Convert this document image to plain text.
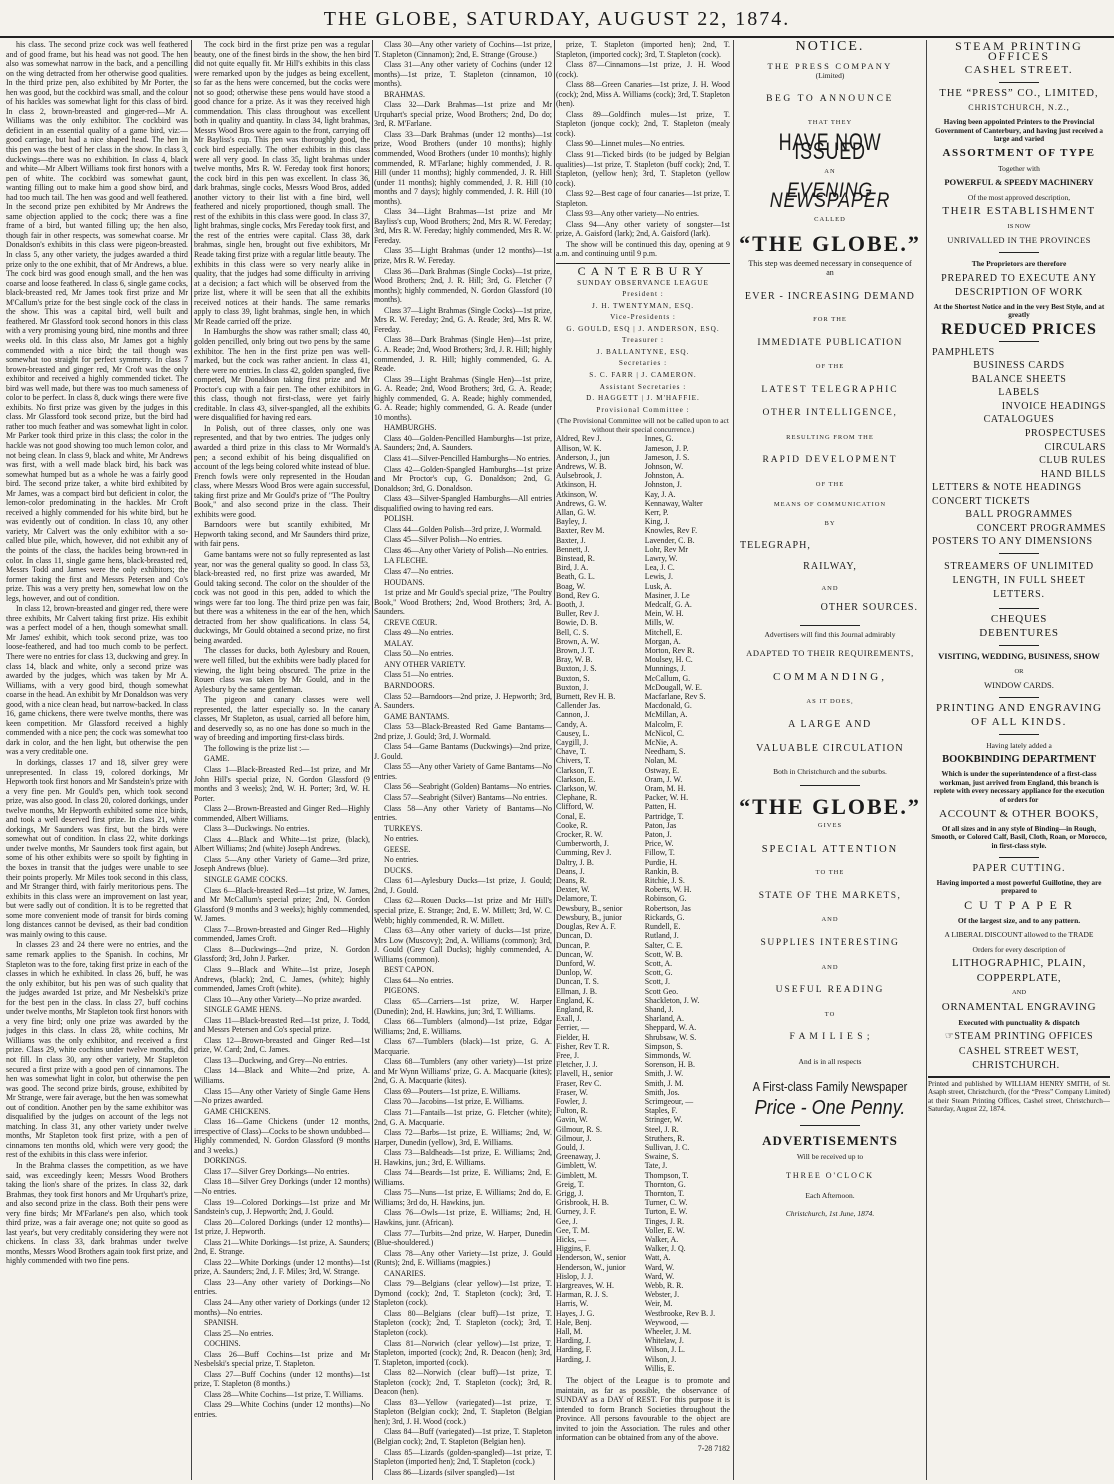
THE GLOBE, SATURDAY, AUGUST 22, 1874.

his class. The second prize cock was well feathered and of good frame, but his head was not good. The hen also was somewhat narrow in the back, and a pencilling on the wing detracted from her otherwise good qualities. In the third prize pen, also exhibited by Mr Porter, the hen was good, but the cockbird was small, and the colour of his hackles was somewhat light for this class of bird. In class 2, brown-breasted and ginger-red—Mr A. Williams was the only exhibitor. The cockbird was deficient in an essential quality of a game bird, viz:—good carriage, but had a nice shaped head. The hen in this pen was the best of her class in the show. In class 3, duckwings—there was no exhibition. In class 4, black and white—Mr Albert Williams took first honors with a pen of white. The cockbird was somewhat gaunt, wanting filling out to make him a good show bird, and had too much tail. The hen was good and well feathered. In the second prize pen exhibited by Mr Andrews the same objection applied to the cock; there was a fine frame of a bird, but wanted filling up; the hen also, though fair in other respects, was somewhat coarse. Mr Donaldson's exhibits in this class were pigeon-breasted. In class 5, any other variety, the judges awarded a third prize only to the one exhibit, that of Mr Andrews, a blue. The cock bird was good enough small, and the hen was coarse and loose feathered. In class 6, single game cocks, black-breasted red, Mr James took first prize and Mr M'Callum's prize for the best single cock of the class in the show. This was a capital bird, well built and feathered. Mr Glassford took second honors in this class with a very promising young bird, nine months and three weeks old. In this class also, Mr James got a highly commended with a nice bird; the tail though was somewhat too straight for perfect symmetry. In class 7 brown-breasted and ginger red, Mr Croft was the only exhibitor and received a highly commended ticket. The bird was well made, but there was too much sameness of color to be perfect. In class 8, duck wings there were five exhibits. No first prize was given by the judges in this class. Mr Glassford took second prize, but the bird had rather too much feather and was somewhat light in color. Mr Parker took third prize in this class; the color in the hackle was not good showing too much lemon color, and not being clean. In class 9, black and white, Mr Andrews was first, with a well made black bird, his back was somewhat humped but as a whole he was a fairly good bird. The second prize taker, a white bird exhibited by Mr James, was a compact bird but deficient in color, the lemon-color predominating in the hackles. Mr Croft received a highly commended for his white bird, but he was evidently out of condition. In class 10, any other variety, Mr Calvert was the only exhibitor with a so-called blue pile, which, however, did not exhibit any of the points of the class, the hackles being brown-red in color. In class 11, single game hens, black-breasted red, Messrs Todd and James were the only exhibitors; the former taking the first and Messrs Petersen and Co's prize. This was a very pretty hen, somewhat low on the legs, however, and out of condition.

In class 12, brown-breasted and ginger red, there were three exhibits, Mr Calvert taking first prize. His exhibit was a perfect model of a hen, though somewhat small. Mr James' exhibit, which took second prize, was too loose-feathered, and had too much comb to be perfect. There were no entries for class 13, duckwing and grey. In class 14, black and white, only a second prize was awarded by the judges, which was taken by Mr A. Williams, with a very good bird, though somewhat coarse in the head. An exhibit by Mr Donaldson was very good, with a nice clean head, but narrow-backed. In class 16, game chickens, there were twelve months, there was keen competition. Mr Glassford received a highly commended with a nice pen; the cock was somewhat too dark in color, and the hen light, but otherwise the pen was a very creditable one.

In dorkings, classes 17 and 18, silver grey were unrepresented. In class 19, colored dorkings, Mr Hepworth took first honors and Mr Sandstein's prize with a very fine pen. Mr Gould's pen, which took second prize, was also good. In class 20, colored dorkings, under twelve months, Mr Hepworth exhibited some nice birds, and took a well deserved first prize. In class 21, white dorkings, Mr Saunders was first, but the birds were somewhat out of condition. In class 22, white dorkings under twelve months, Mr Saunders took first again, but some of his other exhibits were so spoilt by fighting in the boxes in transit that the judges were unable to see their points properly. Mr Miles took second in this class, and Mr Stranger third, with fairly meritorious pens. The exhibits in this class were an improvement on last year, but were sadly out of condition. It is to be regretted that some more convenient mode of transit for birds coming long distances cannot be devised, as their bad condition was mainly owing to this cause.

In classes 23 and 24 there were no entries, and the same remark applies to the Spanish. In cochins, Mr Stapleton was to the fore, taking first prize in each of the classes in which he exhibited. In class 26, buff, he was the only exhibitor, but his pen was of such quality that the judges awarded 1st prize, and Mr Nesbelski's prize for the best pen in the class. In class 27, buff cochins under twelve months, Mr Stapleton took first honors with a very fine bird; only one prize was awarded by the judges in this class. In class 28, white cochins, Mr Williams was the only exhibitor, and received a first prize. Class 29, white cochins under twelve months, did not fill. In class 30, any other variety, Mr Stapleton secured a first prize with a good pen of cinnamons. The hen was somewhat light in color, but otherwise the pen was good. The second prize birds, grouse, exhibited by Mr Strange, were fair average, but the hen was somewhat out of condition. Another pen by the same exhibitor was disqualified by the judges on account of the legs not matching. In class 31, any other variety under twelve months, Mr Stapleton took first prize, with a pen of cinnamons ten months old, which were very good; the rest of the exhibits in this class were inferior.

In the Brahma classes the competition, as we have said, was exceedingly keen; Messrs Wood Brothers taking the lion's share of the prizes. In class 32, dark Brahmas, they took first honors and Mr Urquhart's prize, and also second prize in the class. Both their pens were very fine birds; Mr M'Farlane's pen also, which took third prize, was a fair average one; not quite so good as last year's, but very creditably considering they were not chickens. In class 33, dark brahmas under twelve months, Messrs Wood Brothers again took first prize, and highly commended with two fine pens.

The cock bird in the first prize pen was a regular beauty, one of the finest birds in the show, the hen bird did not quite equally fit. Mr Hill's exhibits in this class were remarked upon by the judges as being excellent, so far as the hens were concerned, but the cocks were not so good; otherwise these pens would have stood a good chance for a prize. As it was they received high commendation. This class throughout was excellent both in quality and quantity. In class 34, light brahmas, Messrs Wood Bros were again to the front, carrying off Mr Bayliss's cup. This pen was thoroughly good, the cock bird especially. The other exhibits in this class were all very good. In class 35, light brahmas under twelve months, Mrs R. W. Fereday took first honors; the cock bird in this pen was excellent. In class 36, dark brahmas, single cocks, Messrs Wood Bros, added another victory to their list with a fine bird, well feathered and nicely proportioned, though small. The rest of the exhibits in this class were good. In class 37, light brahmas, single cocks, Mrs Fereday took first, and the rest of the entries were capital. Class 38, dark brahmas, single hen, brought out five exhibitors, Mr Reade taking first prize with a regular little beauty. The exhibits in this class were so very nearly alike in quality, that the judges had some difficulty in arriving at a decision; a fact which will be observed from the prize list, where it will be seen that all the exhibits received notices at their hands. The same remarks apply to class 39, light brahmas, single hen, in which Mr Reade carried off the prize.

In Hamburghs the show was rather small; class 40, golden pencilled, only bring out two pens by the same exhibitor. The hen in the first prize pen was well-marked, but the cock was rather ancient. In class 41, there were no entries. In class 42, golden spangled, five competed, Mr Donaldson taking first prize and Mr Proctor's cup with a fair pen. The other exhibitors in this class, though not first-class, were yet fairly creditable. In class 43, silver-spangled, all the exhibits were disqualified for having red ears.

In Polish, out of three classes, only one was represented, and that by two entries. The judges only awarded a third prize in this class to Mr Wormald's pen; a second exhibit of his being disqualified on account of the legs being colored white instead of blue. French fowls were only represented in the Houdan class, where Messrs Wood Bros were again successful, taking first prize and Mr Gould's prize of "The Poultry Book," and also second prize in the class. Their exhibits were good.

Barndoors were but scantily exhibited, Mr Hepworth taking second, and Mr Saunders third prize, with fair pens.

Game bantams were not so fully represented as last year, nor was the general quality so good. In class 53, black-breasted red, no first prize was awarded, Mr Gould taking second. The color on the shoulder of the cock was not good in this pen, added to which the wings were far too long. The third prize pen was fair, but there was a whiteness in the ear of the hen, which detracted from her show qualifications. In class 54, duckwings, Mr Gould obtained a second prize, no first being awarded.

The classes for ducks, both Aylesbury and Rouen, were well filled, but the exhibits were badly placed for viewing, the light being obscured. The prize in the Rouen class was taken by Mr Gould, and in the Aylesbury by the same gentleman.

The pigeon and canary classes were well represented, the latter especially so. In the canary classes, Mr Stapleton, as usual, carried all before him, and deservedly so, as no one has done so much in the way of breeding and importing first-class birds.

The following is the prize list :—

GAME.

Class 1—Black-Breasted Red—1st prize, and Mr John Hill's special prize, N. Gordon Glassford (9 months and 3 weeks); 2nd, W. H. Porter; 3rd, W. H. Porter.

Class 2—Brown-Breasted and Ginger Red—Highly commended, Albert Williams.

Class 3—Duckwings. No entries.

Class 4—Black and White—1st prize, (black), Albert Williams; 2nd (white) Joseph Andrews.

Class 5—Any other Variety of Game—3rd prize, Joseph Andrews (blue).

SINGLE GAME COCKS.

Class 6—Black-breasted Red—1st prize, W. James, and Mr McCallum's special prize; 2nd, N. Gordon Glassford (9 months and 3 weeks); highly commended, W. James.

Class 7—Brown-breasted and Ginger Red—Highly commended, James Croft.

Class 8—Duckwings—2nd prize, N. Gordon Glassford; 3rd, John J. Parker.

Class 9—Black and White—1st prize, Joseph Andrews, (black); 2nd, C. James, (white); highly commended, James Croft (white).

Class 10—Any other Variety—No prize awarded.

SINGLE GAME HENS.

Class 11—Black-breasted Red—1st prize, J. Todd, and Messrs Petersen and Co's special prize.

Class 12—Brown-breasted and Ginger Red—1st prize, W. Card; 2nd, C. James.

Class 13—Duckwing, and Grey—No entries.

Class 14—Black and White—2nd prize, A. Williams.

Class 15—Any other Variety of Single Game Hens—No prizes awarded.

GAME CHICKENS.

Class 16—Game Chickens (under 12 months, irrespective of Class)—Cocks to be shown undubbed—Highly commended, N. Gordon Glassford (9 months and 3 weeks.)

DORKINGS.

Class 17—Silver Grey Dorkings—No entries.

Class 18—Silver Grey Dorkings (under 12 months)—No entries.

Class 19—Colored Dorkings—1st prize and Mr Sandstein's cup, J. Hepworth; 2nd, J. Gould.

Class 20—Colored Dorkings (under 12 months)—1st prize, J. Hepworth.

Class 21—White Dorkings—1st prize, A. Saunders; 2nd, E. Strange.

Class 22—White Dorkings (under 12 months)—1st prize, A. Saunders; 2nd, J. F. Miles; 3rd, W. Strange.

Class 23—Any other variety of Dorkings—No entries.

Class 24—Any other variety of Dorkings (under 12 months)—No entries.

SPANISH.

Class 25—No entries.

COCHINS.

Class 26—Buff Cochins—1st prize and Mr Nesbelski's special prize, T. Stapleton.

Class 27—Buff Cochins (under 12 months)—1st prize, T. Stapleton (8 months.)

Class 28—White Cochins—1st prize, T. Williams.

Class 29—White Cochins (under 12 months)—No entries.

Class 30—Any other variety of Cochins—1st prize, T. Stapleton (Cinnamon); 2nd, E. Strange (Grouse.)

Class 31—Any other variety of Cochins (under 12 months)—1st prize, T. Stapleton (cinnamon, 10 months).

BRAHMAS.

Class 32—Dark Brahmas—1st prize and Mr Urquhart's special prize, Wood Brothers; 2nd, Do do; 3rd, R. M'Farlane.

Class 33—Dark Brahmas (under 12 months)—1st prize, Wood Brothers (under 10 months); highly commended, Wood Brothers (under 10 months); highly commended, R. M'Farlane; highly commended, J. R. Hill (under 11 months); highly commended, J. R. Hill (under 11 months); highly commended, J. R. Hill (10 months and 7 days); highly commended, J. R. Hill (10 months).

Class 34—Light Brahmas—1st prize and Mr Bayliss's cup, Wood Brothers; 2nd, Mrs R. W. Fereday; 3rd, Mrs R. W. Fereday; highly commended, Mrs R. W. Fereday.

Class 35—Light Brahmas (under 12 months)—1st prize, Mrs R. W. Fereday.

Class 36—Dark Brahmas (Single Cocks)—1st prize, Wood Brothers; 2nd, J. R. Hill; 3rd, G. Fletcher (7 months); highly commended, N. Gordon Glassford (10 months).

Class 37—Light Brahmas (Single Cocks)—1st prize, Mrs R. W. Fereday; 2nd, G. A. Reade; 3rd, Mrs R. W. Fereday.

Class 38—Dark Brahmas (Single Hen)—1st prize, G. A. Reade; 2nd, Wood Brothers; 3rd, J. R. Hill; highly commended, J. R. Hill; highly commended, G. A. Reade.

Class 39—Light Brahmas (Single Hen)—1st prize, G. A. Reade; 2nd, Wood Brothers; 3rd, G. A. Reade; highly commended, G. A. Reade; highly commended, G. A. Reade; highly commended, G. A. Reade (under 10 months).

HAMBURGHS.

Class 40—Golden-Pencilled Hamburghs—1st prize, A. Saunders; 2nd, A. Saunders.

Class 41—Silver-Pencilled Hamburghs—No entries.

Class 42—Golden-Spangled Hamburghs—1st prize and Mr Proctor's cup, G. Donaldson; 2nd, G. Donaldson; 3rd, G. Donaldson.

Class 43—Silver-Spangled Hamburghs—All entries disqualified owing to having red ears.

POLISH.

Class 44—Golden Polish—3rd prize, J. Wormald.

Class 45—Silver Polish—No entries.

Class 46—Any other Variety of Polish—No entries.

LA FLECHE.

Class 47—No entries.

HOUDANS.

1st prize and Mr Gould's special prize, "The Poultry Book," Wood Brothers; 2nd, Wood Brothers; 3rd, A. Saunders.

CREVE CŒUR.

Class 49—No entries.

MALAY.

Class 50—No entries.

ANY OTHER VARIETY.

Class 51—No entries.

BARNDOORS.

Class 52—Barndoors—2nd prize, J. Hepworth; 3rd, A. Saunders.

GAME BANTAMS.

Class 53—Black-Breasted Red Game Bantams—2nd prize, J. Gould; 3rd, J. Wormald.

Class 54—Game Bantams (Duckwings)—2nd prize, J. Gould.

Class 55—Any other Variety of Game Bantams—No entries.

Class 56—Seabright (Golden) Bantams—No entries.

Class 57—Seabright (Silver) Bantams—No entries.

Class 58—Any other Variety of Bantams—No entries.

TURKEYS.

No entries.

GEESE.

No entries.

DUCKS.

Class 61—Aylesbury Ducks—1st prize, J. Gould; 2nd, J. Gould.

Class 62—Rouen Ducks—1st prize and Mr Hill's special prize, E. Strange; 2nd, E. W. Millett; 3rd, W. C. Webb; highly commended, R. W. Millett.

Class 63—Any other variety of ducks—1st prize, Mrs Low (Muscovy); 2nd, A. Williams (common); 3rd, J. Gould (Grey Call Ducks); highly commended, A. Williams (common).

BEST CAPON.

Class 64—No entries.

PIGEONS.

Class 65—Carriers—1st prize, W. Harper (Dunedin); 2nd, H. Hawkins, jun; 3rd, T. Williams.

Class 66—Tumblers (almond)—1st prize, Edgar Williams; 2nd, E. Williams.

Class 67—Tumblers (black)—1st prize, G. A. Macquarie.

Class 68—Tumblers (any other variety)—1st prize and Mr Wynn Williams' prize, G. A. Macquarie (kites); 2nd, G. A. Macquarie (kites).

Class 69—Pouters—1st prize, E. Williams.

Class 70—Jacobins—1st prize, E. Williams.

Class 71—Fantails—1st prize, G. Fletcher (white); 2nd, G. A. Macquarie.

Class 72—Barbs—1st prize, E. Williams; 2nd, W. Harper, Dunedin (yellow), 3rd, E. Williams.

Class 73—Baldheads—1st prize, E. Williams; 2nd, H. Hawkins, jun.; 3rd, E. Williams.

Class 74—Beards—1st prize, E. Williams; 2nd, E. Williams.

Class 75—Nuns—1st prize, E. Williams; 2nd do, E. Williams; 3rd do, H. Hawkins, jun.

Class 76—Owls—1st prize, E. Williams; 2nd, H. Hawkins, junr. (African).

Class 77—Turbits—2nd prize, W. Harper, Dunedin (Blue-shouldered.)

Class 78—Any other Variety—1st prize, J. Gould (Runts); 2nd, E. Williams (magpies.)

CANARIES.

Class 79—Belgians (clear yellow)—1st prize, T. Dymond (cock); 2nd, T. Stapleton (cock); 3rd, T. Stapleton (cock).

Class 80—Belgians (clear buff)—1st prize, T. Stapleton (cock); 2nd, T. Stapleton (cock); 3rd, T. Stapleton (cock).

Class 81—Norwich (clear yellow)—1st prize, T. Stapleton, imported (cock); 2nd, R. Deacon (hen); 3rd, T. Stapleton, imported (cock).

Class 82—Norwich (clear buff)—1st prize, T. Stapleton (cock); 2nd, T. Stapleton (cock); 3rd, R. Deacon (hen).

Class 83—Yellow (variegated)—1st prize, T. Stapleton (Belgian cock); 2nd, T. Stapleton (Belgian hen); 3rd, J. H. Wood (cock.)

Class 84—Buff (variegated)—1st prize, T. Stapleton (Belgian cock); 2nd, T. Stapleton (Belgian hen).

Class 85—Lizards (golden-spangled)—1st prize, T. Stapleton (imported hen); 2nd, T. Stapleton (cock.)

Class 86—Lizards (silver spangled)—1st

prize, T. Stapleton (imported hen); 2nd, T. Stapleton, (imported cock); 3rd, T. Stapleton (cock).

Class 87—Cinnamons—1st prize, J. H. Wood (cock).

Class 88—Green Canaries—1st prize, J. H. Wood (cock); 2nd, Miss A. Williams (cock); 3rd, T. Stapleton (hen).

Class 89—Goldfinch mules—1st prize, T. Stapleton (jonque cock); 2nd, T. Stapleton (mealy cock).

Class 90—Linnet mules—No entries.

Class 91—Ticked birds (to be judged by Belgian qualities)—1st prize, T. Stapleton (buff cock); 2nd, T. Stapleton, (yellow hen); 3rd, T. Stapleton (yellow cock).

Class 92—Best cage of four canaries—1st prize, T. Stapleton.

Class 93—Any other variety—No entries.

Class 94—Any other variety of songster—1st prize, A. Gaisford (lark); 2nd, A. Gaisford (lark).

The show will be continued this day, opening at 9 a.m. and continuing until 9 p.m.

CANTERBURY
SUNDAY OBSERVANCE LEAGUE
President :
J. H. TWENTYMAN, ESQ.
Vice-Presidents :
G. GOULD, ESQ | J. ANDERSON, ESQ.
Treasurer :
J. BALLANTYNE, ESQ.
Secretaries :
S. C. FARR | J. CAMERON.
Assistant Secretaries :
D. HAGGETT | J. M'HAFFIE.
Provisional Committee :
(The Provisional Committee will not be called upon to act without their special concurrence.)
Aldred, Rev J.
Allison, W. K.
Anderson, J., jun
Andrews, W. B.
Aulsebrook, J.
Atkinson, H.
Atkinson, W.
Andrews, G. W.
Allan, G. W.
Bayley, J.
Baxter, Rev M.
Baxter, J.
Bennett, J.
Binstead, R.
Bird, J. A.
Beath, G. L.
Boag, W.
Bond, Rev G.
Booth, J.
Buller, Rev J.
Bowie, D. B.
Bell, C. S.
Brown, A. W.
Brown, J. T.
Bray, W. B.
Buxton, J. S.
Buxton, S.
Buxton, J.
Burnett, Rev H. B.
Callender Jas.
Cannon, J.
Candy, A.
Causey, L.
Caygill, J.
Chave, T.
Chivers, T.
Clarkson, T.
Clarkson, E.
Clarkson, W.
Clephane, R.
Clifford, W.
Conal, E.
Cooke, R.
Crocker, R. W.
Cumberworth, J.
Cumming, Rev J.
Daltry, J. B.
Deans, J.
Deans, R.
Dexter, W.
Delamore, T.
Dewsbury, B., senior
Dewsbury, B., junior
Douglas, Rev A. F.
Duncan, D.
Duncan, P.
Duncan, W.
Dunford, W.
Dunlop, W.
Duncan, T. S.
Ellman, J. B.
England, K.
England, R.
Exall, J.
Ferrier, —
Fielder, H.
Fisher, Rev T. R.
Free, J.
Fletcher, J. J.
Flavell, H., senior
Fraser, Rev C.
Fraser, W.
Fowler, J.
Fulton, R.
Gavin, W.
Gilmour, R. S.
Gilmour, J.
Gould, J.
Greenaway, J.
Gimblett, W.
Gimblett, M.
Greig, T.
Grigg, J.
Grisbrook, H. B.
Gurney, J. F.
Gee, J.
Gee, T. M.
Hicks, —
Higgins, F.
Henderson, W., senior
Henderson, W., junior
Hislop, J. J.
Hargreaves, W. H.
Harman, R. J. S.
Harris, W.
Hayes, J. G.
Hale, Benj.
Hall, M.
Harding, J.
Harding, F.
Harding, J.
Innes, G.
Jameson, J. P.
Jameson, J. S.
Johnson, W.
Johnston, A.
Johnston, J.
Kay, J. A.
Kennaway, Walter
Kerr, P.
King, J.
Knowles, Rev F.
Lavender, C. B.
Lohr, Rev Mr
Lawry, W.
Lea, J. C.
Lewis, J.
Lusk, A.
Masiner, J. Le
Medcalf, G. A.
Mein, W. H.
Mills, W.
Mitchell, E.
Morgan, A.
Morton, Rev R.
Moulsey, H. C.
Munnings, J.
McCallum, G.
McDougall, W. E.
Macfarlane, Rev S.
Macdonald, G.
McMillan, A.
Malcolm, F.
McNicol, C.
McNie, A.
Needham, S.
Nolan, M.
Ostway, E.
Oram, J. W.
Oram, M. H.
Packer, W. H.
Patten, H.
Partridge, T.
Paton, Jas
Paton, J.
Price, W.
Fillow, T.
Purdie, H.
Rankin, B.
Ritchie, J. S.
Roberts, W. H.
Robinson, G.
Robertson, Jas
Rickards, G.
Rundell, E.
Rutland, J.
Salter, C. E.
Scott, W. B.
Scott, A.
Scott, G.
Scott, J.
Scott Geo.
Shackleton, J. W.
Shand, J.
Sharland, A.
Sheppard, W. A.
Shrubsaw, W. S.
Simpson, S.
Simmonds, W.
Sorenson, H. B.
Smith, J. W.
Smith, J. M.
Smith, Jos.
Scrimgeour, —
Staples, F.
Stringer, W.
Steel, J. R.
Struthers, R.
Sullivan, J. C.
Swaine, S.
Tate, J.
Thompson, T.
Thornton, G.
Thornton, T.
Turner, C. W.
Turton, E. W.
Tinges, J. R.
Voller, E. W.
Walker, A.
Walker, J. Q.
Watt, A.
Ward, W.
Ward, W.
Webb, R. R.
Webster, J.
Weir, M.
Westbrooke, Rev B. J.
Weywood, —
Wheeler, J. M.
Whitelaw, J.
Wilson, J. L.
Wilson, J.
Willis, E.

The object of the League is to promote and maintain, as far as possible, the observance of SUNDAY as a DAY of REST. For this purpose it is intended to form Branch Societies throughout the Province. All persons favourable to the object are invited to join the Association. The rules and other information can be obtained from any of the above.

7-28 7182
NOTICE.
THE PRESS COMPANY
(Limited)
BEG TO ANNOUNCE
THAT THEY
HAVE NOW ISSUED
AN
EVENING NEWSPAPER
CALLED
“THE GLOBE.”
This step was deemed necessary in consequence of an
EVER - INCREASING DEMAND
FOR THE
IMMEDIATE PUBLICATION
OF THE
LATEST TELEGRAPHIC
OTHER INTELLIGENCE,
RESULTING FROM THE
RAPID DEVELOPMENT
OF THE
MEANS OF COMMUNICATION
BY
TELEGRAPH,
RAILWAY,
AND
OTHER SOURCES.
Advertisers will find this Journal admirably
ADAPTED TO THEIR REQUIREMENTS,
COMMANDING,
AS IT DOES,
A LARGE AND
VALUABLE CIRCULATION
Both in Christchurch and the suburbs.
“THE GLOBE.”
GIVES
SPECIAL ATTENTION
TO THE
STATE OF THE MARKETS,
AND
SUPPLIES INTERESTING
AND
USEFUL READING
TO
F A M I L I E S ;
And is in all respects
A First-class Family Newspaper
Price - One Penny.
ADVERTISEMENTS
Will be received up to
THREE O'CLOCK
Each Afternoon.
Christchurch, 1st June, 1874.
STEAM PRINTING OFFICES
CASHEL STREET.
THE “PRESS” CO., LIMITED,
CHRISTCHURCH, N.Z.,
Having been appointed Printers to the Provincial Government of Canterbury, and having just received a large and varied
ASSORTMENT OF TYPE
Together with
POWERFUL & SPEEDY MACHINERY
Of the most approved description,
THEIR ESTABLISHMENT
IS NOW
UNRIVALLED IN THE PROVINCES
The Proprietors are therefore
PREPARED TO EXECUTE ANY
DESCRIPTION OF WORK
At the Shortest Notice and in the very Best Style, and at greatly
REDUCED PRICES
PAMPHLETS
BUSINESS CARDS
BALANCE SHEETS
LABELS
INVOICE HEADINGS
CATALOGUES
PROSPECTUSES
CIRCULARS
CLUB RULES
HAND BILLS
LETTERS & NOTE HEADINGS
CONCERT TICKETS
BALL PROGRAMMES
CONCERT PROGRAMMES
POSTERS TO ANY DIMENSIONS
STREAMERS OF UNLIMITED LENGTH, IN FULL SHEET LETTERS.
CHEQUES
DEBENTURES
VISITING, WEDDING, BUSINESS, SHOW
OR
WINDOW CARDS.
PRINTING AND ENGRAVING
OF ALL KINDS.
Having lately added a
BOOKBINDING DEPARTMENT
Which is under the superintendence of a first-class workman, just arrived from England, this branch is replete with every necessary appliance for the execution of orders for
ACCOUNT & OTHER BOOKS,
Of all sizes and in any style of Binding—in Rough, Smooth, or Colored Calf, Basil, Cloth, Roan, or Morocco, in first-class style.
PAPER CUTTING.
Having imported a most powerful Guillotine, they are prepared to
C U T P A P E R
Of the largest size, and to any pattern.
A LIBERAL DISCOUNT allowed to the TRADE
Orders for every description of
LITHOGRAPHIC, PLAIN,
COPPERPLATE,
AND
ORNAMENTAL ENGRAVING
Executed with punctuality & dispatch
☞STEAM PRINTING OFFICES
CASHEL STREET WEST,
CHRISTCHURCH.
Printed and published by WILLIAM HENRY SMITH, of St. Asaph street, Christchurch, (for the “Press” Company Limited) at their Steam Printing Offices, Cashel street, Christchurch—Saturday, August 22, 1874.
